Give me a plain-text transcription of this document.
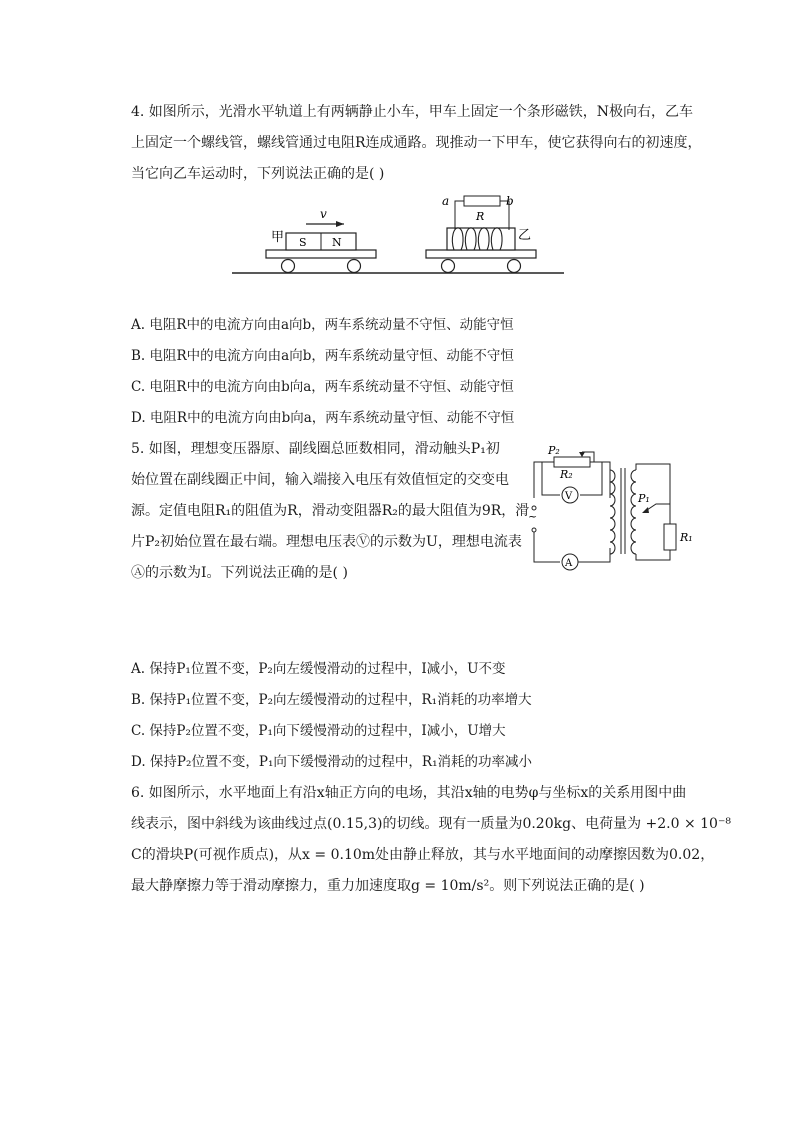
4. 如图所示，光滑水平轨道上有两辆静止小车，甲车上固定一个条形磁铁，N极向右，乙车
上固定一个螺线管，螺线管通过电阻R连成通路。现推动一下甲车，使它获得向右的初速度，
当它向乙车运动时，下列说法正确的是( )
S N
甲
v
a	b
R
乙
A. 电阻R中的电流方向由a向b，两车系统动量不守恒、动能守恒
B. 电阻R中的电流方向由a向b，两车系统动量守恒、动能不守恒
C. 电阻R中的电流方向由b向a，两车系统动量不守恒、动能守恒
D. 电阻R中的电流方向由b向a，两车系统动量守恒、动能不守恒
5. 如图，理想变压器原、副线圈总匝数相同，滑动触头P₁初
始位置在副线圈正中间，输入端接入电压有效值恒定的交变电
源。定值电阻R₁的阻值为R，滑动变阻器R₂的最大阻值为9R，滑
片P₂初始位置在最右端。理想电压表Ⓥ的示数为U，理想电流表
Ⓐ的示数为I。下列说法正确的是( )
P₂
R₂
V
~
A
R₁
P₁
A. 保持P₁位置不变，P₂向左缓慢滑动的过程中，I减小，U不变
B. 保持P₁位置不变，P₂向左缓慢滑动的过程中，R₁消耗的功率增大
C. 保持P₂位置不变，P₁向下缓慢滑动的过程中，I减小，U增大
D. 保持P₂位置不变，P₁向下缓慢滑动的过程中，R₁消耗的功率减小
6. 如图所示，水平地面上有沿x轴正方向的电场，其沿x轴的电势φ与坐标x的关系用图中曲
线表示，图中斜线为该曲线过点(0.15,3)的切线。现有一质量为0.20kg、电荷量为 +2.0 × 10⁻⁸
C的滑块P(可视作质点)，从x = 0.10m处由静止释放，其与水平地面间的动摩擦因数为0.02，
最大静摩擦力等于滑动摩擦力，重力加速度取g = 10m/s²。则下列说法正确的是( )
